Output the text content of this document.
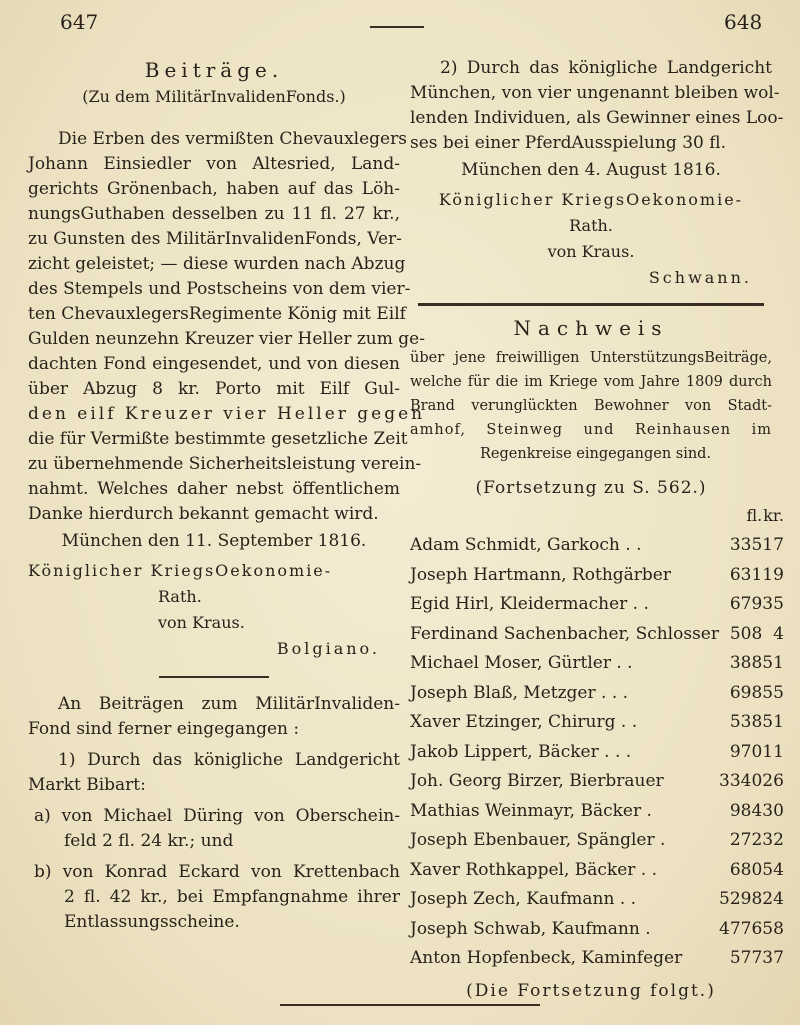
647	648
Beiträge.
(Zu dem MilitärInvalidenFonds.)
Die Erben des vermißten Chevauxlegers
Johann Einsiedler von Altesried, Land-
gerichts Grönenbach, haben auf das Löh-
nungsGuthaben desselben zu 11 fl. 27 kr.,
zu Gunsten des MilitärInvalidenFonds, Ver-
zicht geleistet; — diese wurden nach Abzug
des Stempels und Postscheins von dem vier-
ten ChevauxlegersRegimente König mit Eilf
Gulden neunzehn Kreuzer vier Heller zum ge-
dachten Fond eingesendet, und von diesen
über Abzug 8 kr. Porto mit Eilf Gul-
den eilf Kreuzer vier Heller gegen
die für Vermißte bestimmte gesetzliche Zeit
zu übernehmende Sicherheitsleistung verein-
nahmt. Welches daher nebst öffentlichem
Danke hierdurch bekannt gemacht wird.
München den 11. September 1816.
Königlicher KriegsOekonomie-
Rath.
von Kraus.
Bolgiano.
An Beiträgen zum MilitärInvaliden-
Fond sind ferner eingegangen :
1) Durch das königliche Landgericht
Markt Bibart:
a) von Michael Düring von Oberschein-
feld 2 fl. 24 kr.; und
b) von Konrad Eckard von Krettenbach
2 fl. 42 kr., bei Empfangnahme ihrer
Entlassungsscheine.
2) Durch das königliche Landgericht
München, von vier ungenannt bleiben wol-
lenden Individuen, als Gewinner eines Loo-
ses bei einer PferdAusspielung 30 fl.
München den 4. August 1816.
Königlicher KriegsOekonomie-
Rath.
von Kraus.
Schwann.
Nachweis
über jene freiwilligen UnterstützungsBeiträge,
welche für die im Kriege vom Jahre 1809 durch
Brand verunglückten Bewohner von Stadt-
amhof, Steinweg und Reinhausen im
Regenkreise eingegangen sind.
(Fortsetzung zu S. 562.)
	fl.	kr.
Adam Schmidt, Garkoch . .	335	17
Joseph Hartmann, Rothgärber	631	19
Egid Hirl, Kleidermacher . .	679	35
Ferdinand Sachenbacher, Schlosser	508	4
Michael Moser, Gürtler . .	388	51
Joseph Blaß, Metzger . . .	698	55
Xaver Etzinger, Chirurg . .	538	51
Jakob Lippert, Bäcker . . .	970	11
Joh. Georg Birzer, Bierbrauer	3340	26
Mathias Weinmayr, Bäcker .	984	30
Joseph Ebenbauer, Spängler .	272	32
Xaver Rothkappel, Bäcker . .	680	54
Joseph Zech, Kaufmann . .	5298	24
Joseph Schwab, Kaufmann .	4776	58
Anton Hopfenbeck, Kaminfeger	577	37
(Die Fortsetzung folgt.)
